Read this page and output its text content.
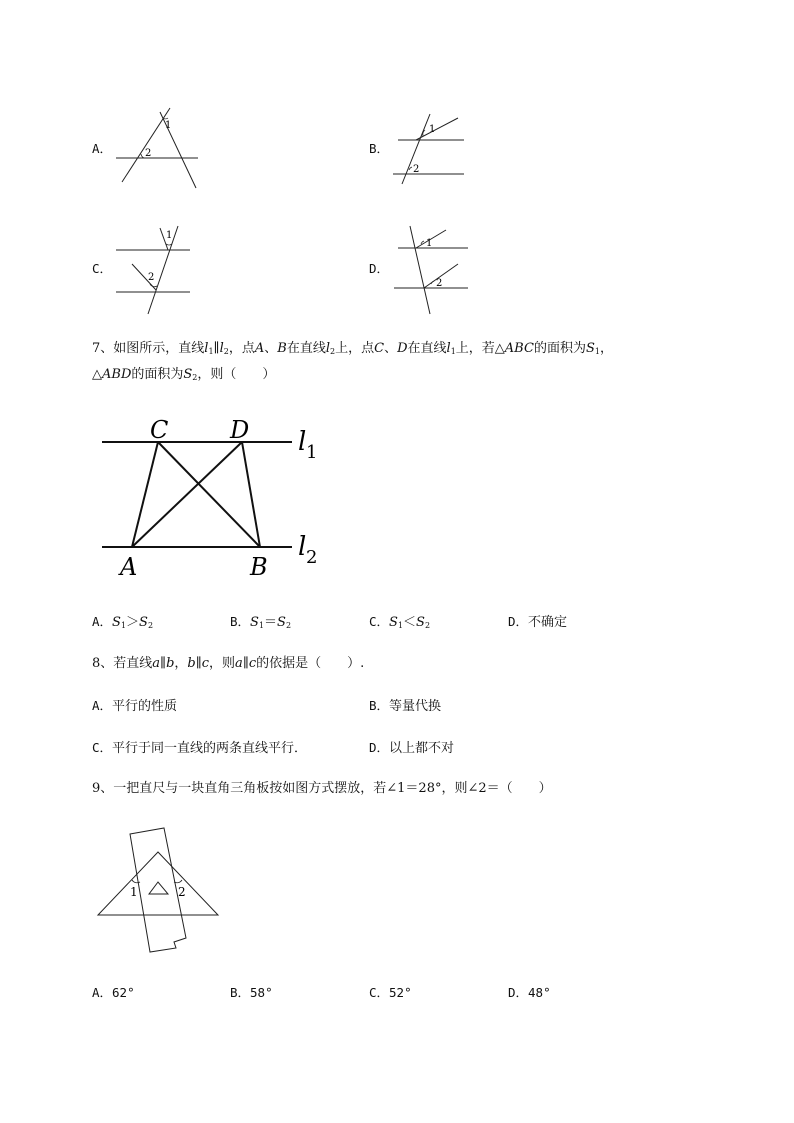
A．
1
2	B．
1
2
C．
1
2
D．
1
2
7、如图所示，直线$l_1\parallel l_2$，点A、B在直线$l_2$上，点C、D在直线$l_1$上，若△ABC的面积为$S_1$，
△ABD的面积为$S_2$，则（　　）
C	D
A	B
l 1
l 2
A．$S_1>S_2$	B．$S_1=S_2$	C．$S_1<S_2$	D．不确定
8、若直线a∥b，b∥c，则a∥c的依据是（　　）.
A．平行的性质	B．等量代换
C．平行于同一直线的两条直线平行．	D．以上都不对
9、一把直尺与一块直角三角板按如图方式摆放，若∠1＝28°，则∠2＝（　　）
1	2
A．62°	B．58°	C．52°	D．48°
